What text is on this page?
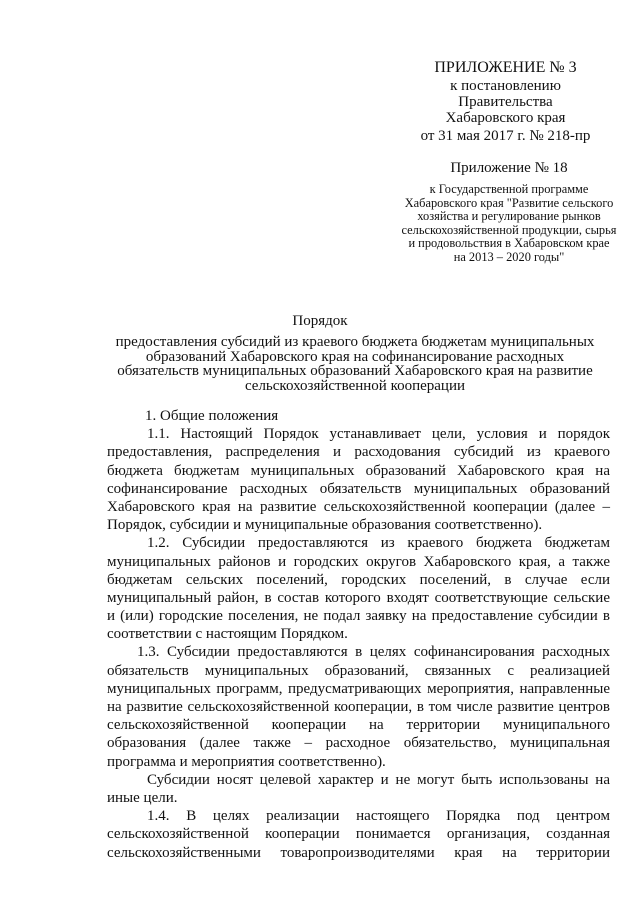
ПРИЛОЖЕНИЕ № 3
к постановлению
Правительства
Хабаровского края
от 31 мая 2017 г. № 218-пр
Приложение № 18
к Государственной программе
Хабаровского края "Развитие сельского
хозяйства и регулирование рынков
сельскохозяйственной продукции, сырья
и продовольствия в Хабаровском крае
на 2013 – 2020 годы"
Порядок
предоставления субсидий из краевого бюджета бюджетам муниципальных
образований Хабаровского края на софинансирование расходных
обязательств муниципальных образований Хабаровского края на развитие
сельскохозяйственной кооперации
1. Общие положения
1.1. Настоящий Порядок устанавливает цели, условия и порядок
предоставления, распределения и расходования субсидий из краевого
бюджета бюджетам муниципальных образований Хабаровского края на
софинансирование расходных обязательств муниципальных образований
Хабаровского края на развитие сельскохозяйственной кооперации (далее –
Порядок, субсидии и муниципальные образования соответственно).
1.2. Субсидии предоставляются из краевого бюджета бюджетам
муниципальных районов и городских округов Хабаровского края, а также
бюджетам сельских поселений, городских поселений, в случае если
муниципальный район, в состав которого входят соответствующие сельские
и (или) городские поселения, не подал заявку на предоставление субсидии в
соответствии с настоящим Порядком.
1.3. Субсидии предоставляются в целях софинансирования расходных
обязательств муниципальных образований, связанных с реализацией
муниципальных программ, предусматривающих мероприятия, направленные
на развитие сельскохозяйственной кооперации, в том числе развитие центров
сельскохозяйственной кооперации на территории муниципального
образования (далее также – расходное обязательство, муниципальная
программа и мероприятия соответственно).
Субсидии носят целевой характер и не могут быть использованы на
иные цели.
1.4. В целях реализации настоящего Порядка под центром
сельскохозяйственной кооперации понимается организация, созданная
сельскохозяйственными товаропроизводителями края на территории
